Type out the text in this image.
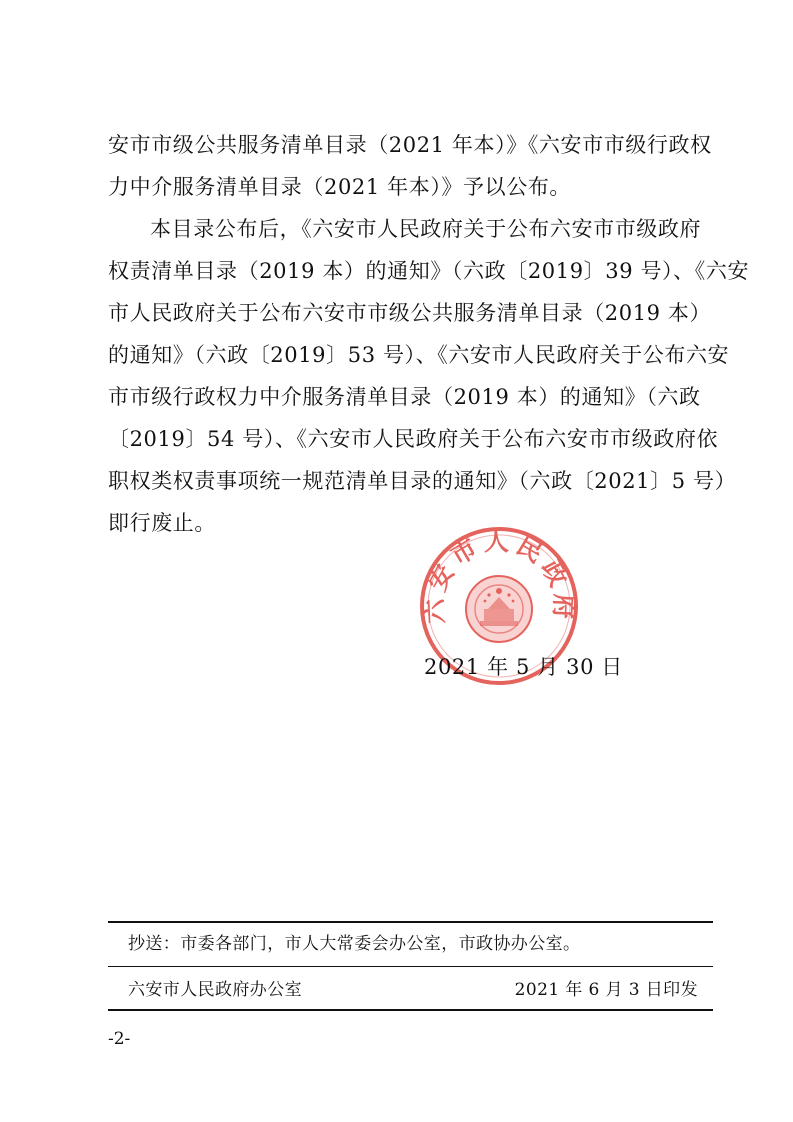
安市市级公共服务清单目录（2021 年本）》《六安市市级行政权
力中介服务清单目录（2021 年本）》予以公布。
本目录公布后，《六安市人民政府关于公布六安市市级政府
权责清单目录（2019 本）的通知》（六政〔2019〕39 号）、《六安
市人民政府关于公布六安市市级公共服务清单目录（2019 本）
的通知》（六政〔2019〕53 号）、《六安市人民政府关于公布六安
市市级行政权力中介服务清单目录（2019 本）的通知》（六政
〔2019〕54 号）、《六安市人民政府关于公布六安市市级政府依
职权类权责事项统一规范清单目录的通知》（六政〔2021〕5 号）
即行废止。
六安市人民政府
2021 年 5 月 30 日
抄送：市委各部门，市人大常委会办公室，市政协办公室。
六安市人民政府办公室	2021 年 6 月 3 日印发
-2-
